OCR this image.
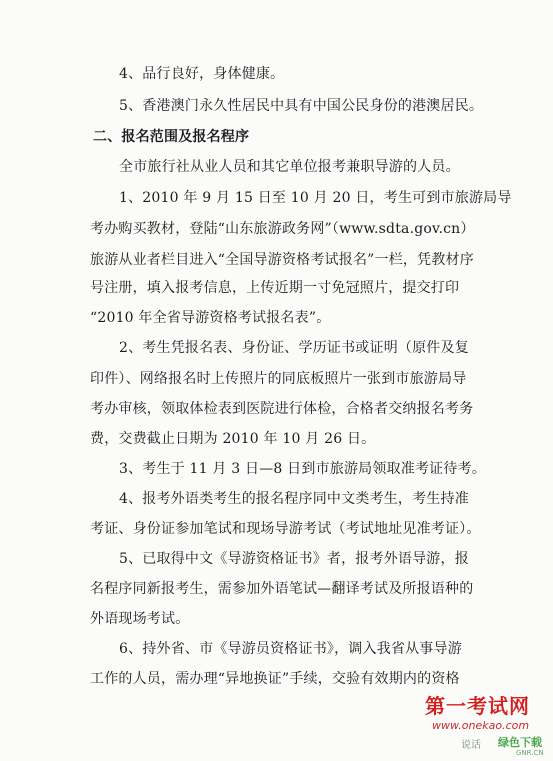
4、品行良好，身体健康。
5、香港澳门永久性居民中具有中国公民身份的港澳居民。
二、报名范围及报名程序
全市旅行社从业人员和其它单位报考兼职导游的人员。
1、2010 年 9 月 15 日至 10 月 20 日，考生可到市旅游局导
考办购买教材，登陆“山东旅游政务网”（www.sdta.gov.cn）
旅游从业者栏目进入“全国导游资格考试报名”一栏，凭教材序
号注册，填入报考信息，上传近期一寸免冠照片，提交打印
“2010 年全省导游资格考试报名表”。
2、考生凭报名表、身份证、学历证书或证明（原件及复
印件）、网络报名时上传照片的同底板照片一张到市旅游局导
考办审核，领取体检表到医院进行体检，合格者交纳报名考务
费，交费截止日期为 2010 年 10 月 26 日。
3、考生于 11 月 3 日—8 日到市旅游局领取准考证待考。
4、报考外语类考生的报名程序同中文类考生，考生持准
考证、身份证参加笔试和现场导游考试（考试地址见准考证）。
5、已取得中文《导游资格证书》者，报考外语导游，报
名程序同新报考生，需参加外语笔试—翻译考试及所报语种的
外语现场考试。
6、持外省、市《导游员资格证书》，调入我省从事导游
工作的人员，需办理“异地换证”手续，交验有效期内的资格
第一考试网
www.onekao.com
说话 绿色下载
GNR.CN
